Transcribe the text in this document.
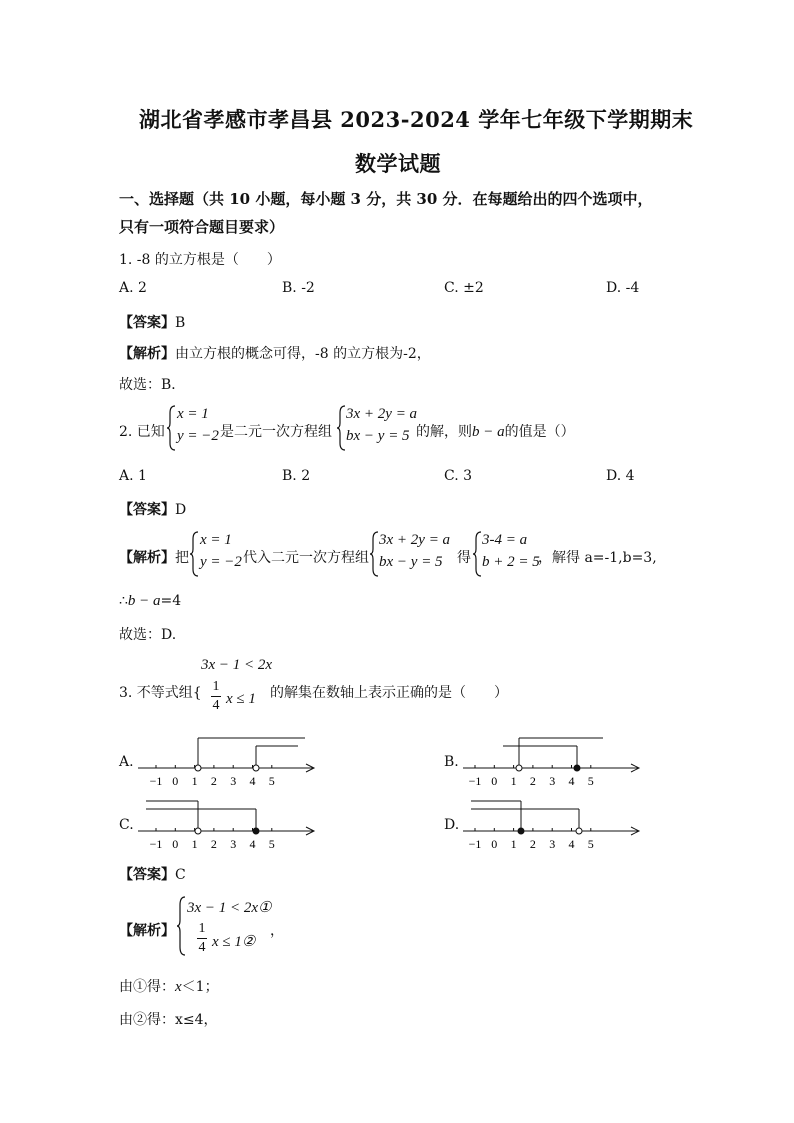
湖北省孝感市孝昌县 2023-2024 学年七年级下学期期末
数学试题
一、选择题（共 10 小题，每小题 3 分，共 30 分．在每题给出的四个选项中，
只有一项符合题目要求）
1. -8 的立方根是（　　）
A. 2	B. -2	C. ±2	D. -4
【答案】B
【解析】由立方根的概念可得，-8 的立方根为-2，
故选：B．
2. 已知
x = 1
y = −2 是二元一次方程组
3x + 2y = a
bx − y = 5 的解，则b − a的值是（）
A. 1	B. 2	C. 3	D. 4
【答案】D
【解析】把
x = 1
y = −2 代入二元一次方程组
3x + 2y = a
bx − y = 5 得
3-4 = a
b + 2 = 5
，解得 a=-1,b=3,
∴b − a=4
故选：D.
3x − 1 < 2x
3. 不等式组{ 1
4 x ≤ 1 的解集在数轴上表示正确的是（　　）
A.	B.
C.	D.
−1 0 1 2 3 4 5	−1 0 1 2 3 4 5
−1 0 1 2 3 4 5	−1 0 1 2 3 4 5
【答案】C
【解析】
3x − 1 < 2x①
1
4 x ≤ 1②
，
由①得：x＜1；
由②得：x≤4，
